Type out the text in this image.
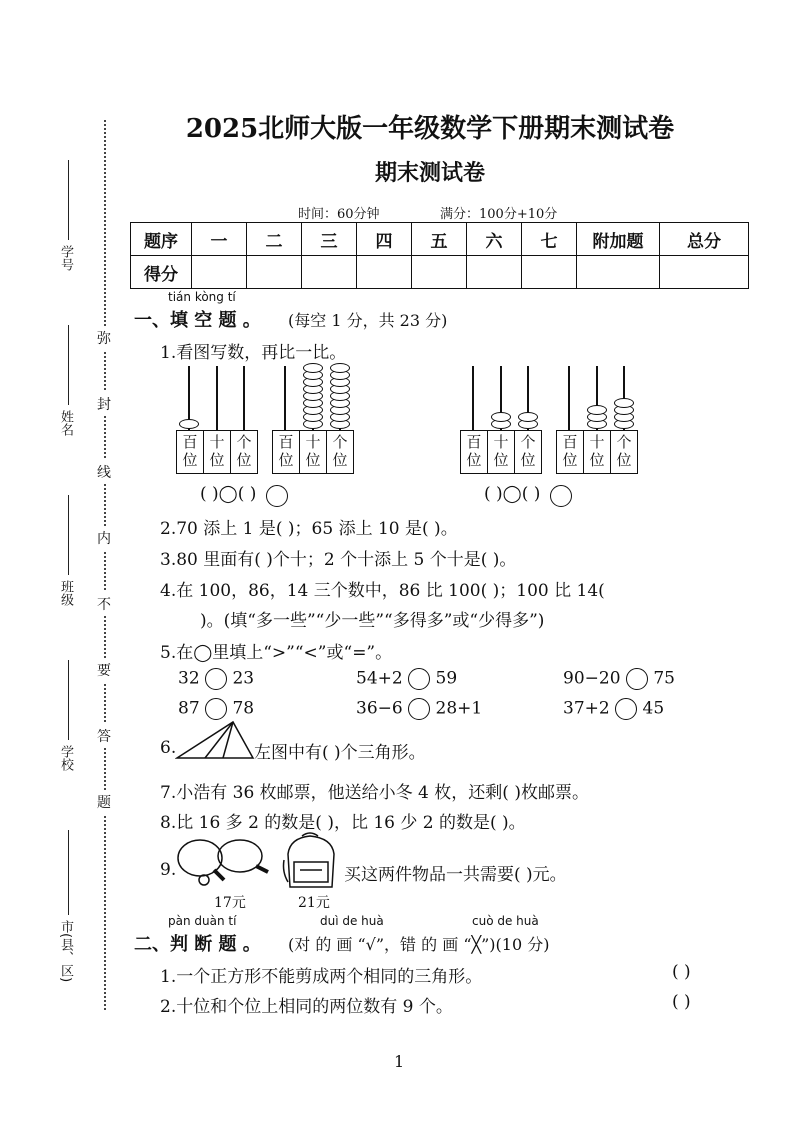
学号
姓名
班级
学校
市(县、区)
弥
封
线
内
不
要
答
题
2025北师大版一年级数学下册期末测试卷
期末测试卷
时间：60分钟	满分：100分+10分
题序	一	二	三	四	五	六	七	附加题	总分
得分									
tián kòng tí
一、填 空 题 。 (每空 1 分，共 23 分)
1.看图写数，再比一比。
百
位
十
位
个
位
百
位
十
位
个
位
百
位
十
位
个
位
百
位
十
位
个
位
( )◯( )	( )◯( )
2.70 添上 1 是( )；65 添上 10 是( )。
3.80 里面有( )个十；2 个十添上 5 个十是( )。
4.在 100，86，14 三个数中，86 比 100( )；100 比 14(
)。(填“多一些”“少一些”“多得多”或“少得多”)
5.在◯里填上“>”“<”或“=”。
32 23	54+2 59	90−20 75
87 78	36−6 28+1	37+2 45
6.	左图中有( )个三角形。
7.小浩有 36 枚邮票，他送给小冬 4 枚，还剩( )枚邮票。
8.比 16 多 2 的数是( )，比 16 少 2 的数是( )。
9.	买这两件物品一共需要( )元。
17元	21元
pàn duàn tí	duì de huà	cuò de huà
二、判 断 题 。 (对 的 画 “√”，错 的 画 “╳”)(10 分)
1.一个正方形不能剪成两个相同的三角形。	( )
2.十位和个位上相同的两位数有 9 个。	( )
1
